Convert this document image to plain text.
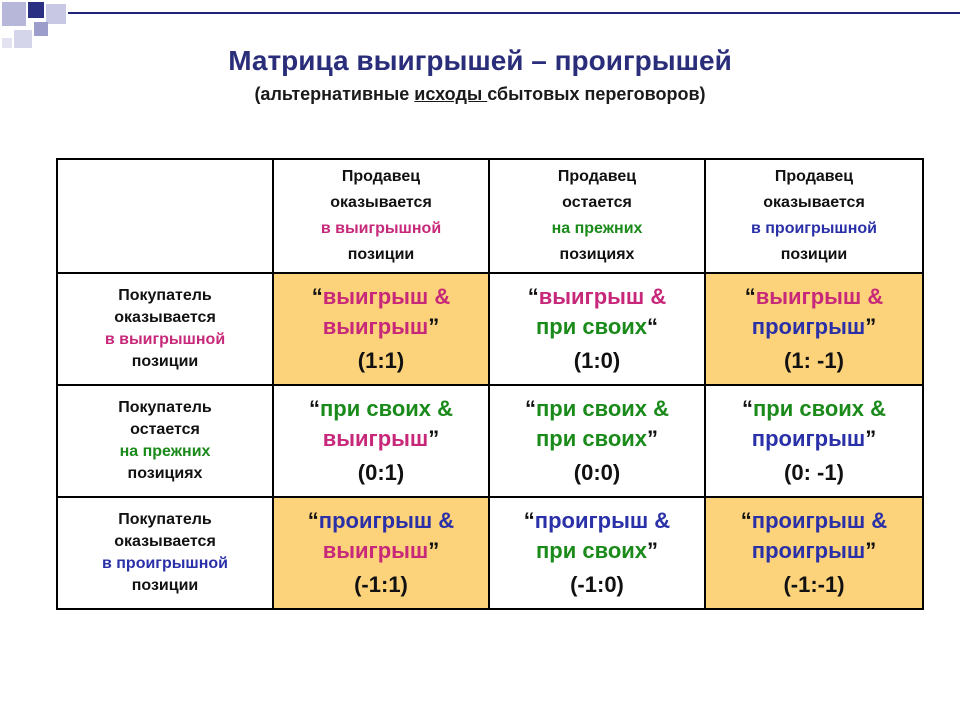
Матрица выигрышей – проигрышей

(альтернативные исходы сбытовых переговоров)

	Продавец
оказывается
в выигрышной
позиции	Продавец
остается
на прежних
позициях	Продавец
оказывается
в проигрышной
позиции

Покупатель
оказывается
в выигрышной
позиции	“выигрыш &
выигрыш”
(1:1)	“выигрыш &
при своих“
(1:0)	“выигрыш &
проигрыш”
(1: -1)

Покупатель
остается
на прежних
позициях	“при своих &
выигрыш”
(0:1)	“при своих &
при своих”
(0:0)	“при своих &
проигрыш”
(0: -1)

Покупатель
оказывается
в проигрышной
позиции	“проигрыш &
выигрыш”
(-1:1)	“проигрыш &
при своих”
(-1:0)	“проигрыш &
проигрыш”
(-1:-1)
